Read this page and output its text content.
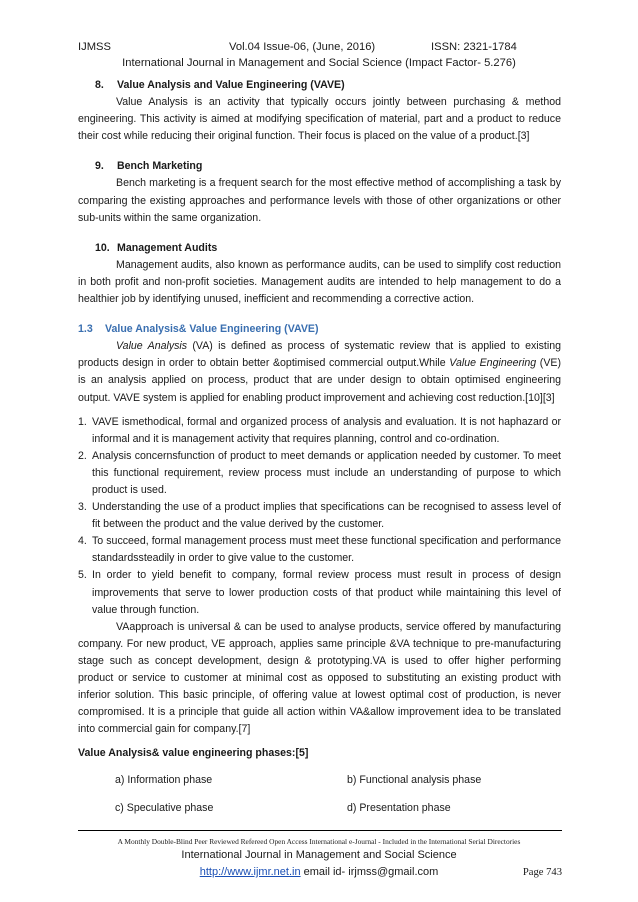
IJMSS	Vol.04 Issue-06, (June, 2016)	ISSN: 2321-1784
International Journal in Management and Social Science (Impact Factor- 5.276)
8. Value Analysis and Value Engineering (VAVE)

Value Analysis is an activity that typically occurs jointly between purchasing & method engineering. This activity is aimed at modifying specification of material, part and a product to reduce their cost while reducing their original function. Their focus is placed on the value of a product.[3]

9. Bench Marketing

Bench marketing is a frequent search for the most effective method of accomplishing a task by comparing the existing approaches and performance levels with those of other organizations or other sub-units within the same organization.

10. Management Audits

Management audits, also known as performance audits, can be used to simplify cost reduction in both profit and non-profit societies. Management audits are intended to help management to do a healthier job by identifying unused, inefficient and recommending a corrective action.

1.3 Value Analysis& Value Engineering (VAVE)

Value Analysis (VA) is defined as process of systematic review that is applied to existing products design in order to obtain better &optimised commercial output.While Value Engineering (VE) is an analysis applied on process, product that are under design to obtain optimised engineering output. VAVE system is applied for enabling product improvement and achieving cost reduction.[10][3]

1. VAVE ismethodical, formal and organized process of analysis and evaluation. It is not haphazard or informal and it is management activity that requires planning, control and co-ordination.
2. Analysis concernsfunction of product to meet demands or application needed by customer. To meet this functional requirement, review process must include an understanding of purpose to which product is used.
3. Understanding the use of a product implies that specifications can be recognised to assess level of fit between the product and the value derived by the customer.
4. To succeed, formal management process must meet these functional specification and performance standardssteadily in order to give value to the customer.
5. In order to yield benefit to company, formal review process must result in process of design improvements that serve to lower production costs of that product while maintaining this level of value through function.

VAapproach is universal & can be used to analyse products, service offered by manufacturing company. For new product, VE approach, applies same principle &VA technique to pre-manufacturing stage such as concept development, design & prototyping.VA is used to offer higher performing product or service to customer at minimal cost as opposed to substituting an existing product with inferior solution. This basic principle, of offering value at lowest optimal cost of production, is never compromised. It is a principle that guide all action within VA&allow improvement idea to be translated into commercial gain for company.[7]

Value Analysis& value engineering phases:[5]

a) Information phase	b) Functional analysis phase
c) Speculative phase	d) Presentation phase
A Monthly Double-Blind Peer Reviewed Refereed Open Access International e-Journal - Included in the International Serial Directories
International Journal in Management and Social Science
http://www.ijmr.net.in email id- irjmss@gmail.com	Page 743
